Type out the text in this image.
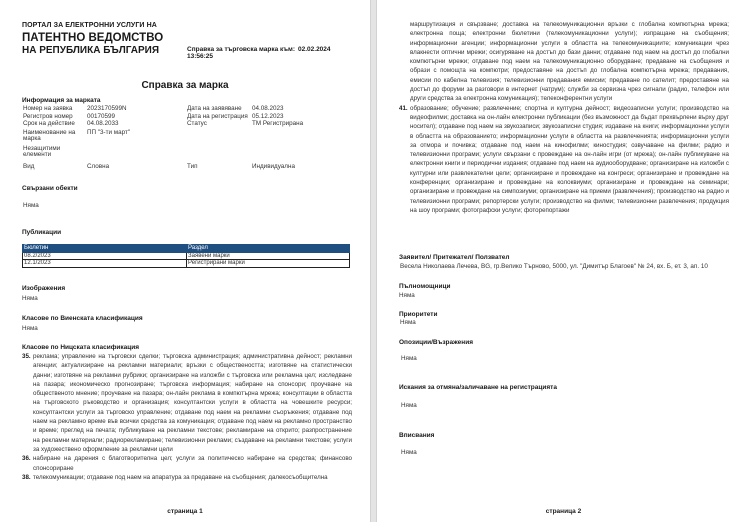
ПОРТАЛ ЗА ЕЛЕКТРОННИ УСЛУГИ НА
ПАТЕНТНО ВЕДОМСТВО
НА РЕПУБЛИКА БЪЛГАРИЯ	Справка за търговска марка към: 02.02.2024
13:56:25
Справка за марка
Информация за марката
Номер на заявка	2023170599N	Дата на заявяване	04.08.2023
Регистров номер	00170599	Дата на регистрация 05.12.2023
Срок на действие	04.08.2033	Статус	TM Регистрирана
Наименование на марка
ПП "3-ти март"
Незащитими елементи
Вид	Словна	Тип	Индивидуална
Свързани обекти
Няма
Публикации
Бюлетин	Раздел
08.2/2023	Заявени марки
12.1/2023	Регистрирани марки
Изображения
Няма
Класове по Виенската класификация
Няма
Класове по Ницската класификация
35. реклама; управление на търговски сделки; търговска администрация; административна дейност; рекламни агенции; актуализиране на рекламни материали; връзки с обществеността; изготвяне на статистически данни; изготвяне на рекламни рубрики; организиране на изложби с търговска или рекламна цел; изследване на пазара; икономическо прогнозиране; търговска информация; набиране на спонсори; проучване на общественото мнение; проучване на пазара; он-лайн реклама в компютърна мрежа; консултации в областта на търговското ръководство и организация; консултантски услуги в областта на човешките ресурси; консултантски услуги за търговско управление; отдаване под наем на рекламни съоръжения; отдаване под наем на рекламно време във всички средства за комуникация; отдаване под наем на рекламно пространство и време; преглед на печата; публикуване на рекламни текстове; рекламиране на открито; разпространение на рекламни материали; радиорекламиране; телевизионни реклами; създаване на рекламни текстове; услуги за художествено оформление за рекламни цели
36. набиране на дарения с благотворителна цел; услуги за политическо набиране на средства; финансово спонсориране
38. телекомуникации; отдаване под наем на апаратура за предаване на съобщения; далекосъобщителна
страница 1
маршрутизация и свързване; доставка на телекомуникационни връзки с глобална компютърна мрежа; електронна поща; електронни бюлетини (телекомуникационни услуги); изпращане на съобщения; информационни агенции; информационни услуги в областта на телекомуникациите; комуникации чрез влакнести оптични мрежи; осигуряване на достъп до бази данни; отдаване под наем на достъп до глобални компютърни мрежи; отдаване под наем на телекомуникационно оборудване; предаване на съобщения и образи с помощта на компютри; предоставяне на достъп до глобална компютърна мрежа; предавания, емисии по кабелна телевизия; телевизионни предавания емисии; предаване по сателит; предоставяне на достъп до форуми за разговори в интернет (чатрум); служби за сервизна чрез сигнали (радио, телефон или други средства за електронна комуникация); телеконферентни услуги
41. образование; обучение; развлечение; спортна и културна дейност; видеозаписни услуги; производство на видеофилми; доставка на он-лайн електронни публикации (без възможност да бъдат прехвърлени върху друг носител); отдаване под наем на звукозаписи; звукозаписни студия; издаване на книги; информационни услуги в областта на образованието; информационни услуги в областта на развлеченията; информационни услуги за отмора и почивка; отдаване под наем на кинофилми; киностудия; озвучаване на филми; радио и телевизионни програми; услуги свързани с провеждане на он-лайн игри (от мрежа); он-лайн публикуване на електронни книги и периодични издания; отдаване под наем на аудиооборудване; организиране на изложби с културни или развлекателни цели; организиране и провеждане на конгреси; организиране и провеждане на конференции; организиране и провеждане на колоквиуми; организиране и провеждане на семинари; организиране и провеждане на симпозиуми; организиране на приеми (развлечения); производство на радио и телевизионни програми; репортерски услуги; производство на филми; телевизионни развлечения; продукция на шоу програми; фотографски услуги; фоторепортажи
Заявител/ Притежател/ Ползвател
Весела Николаева Лечева, BG, гр.Велико Търново, 5000, ул. "Димитър Благоев" № 24, вх. Б, ет. 3, ап. 10
Пълномощници
Няма
Приоритети
Няма
Опозиции/Възражения
Няма
Искания за отмяна/заличаване на регистрацията
Няма
Вписвания
Няма
страница 2
